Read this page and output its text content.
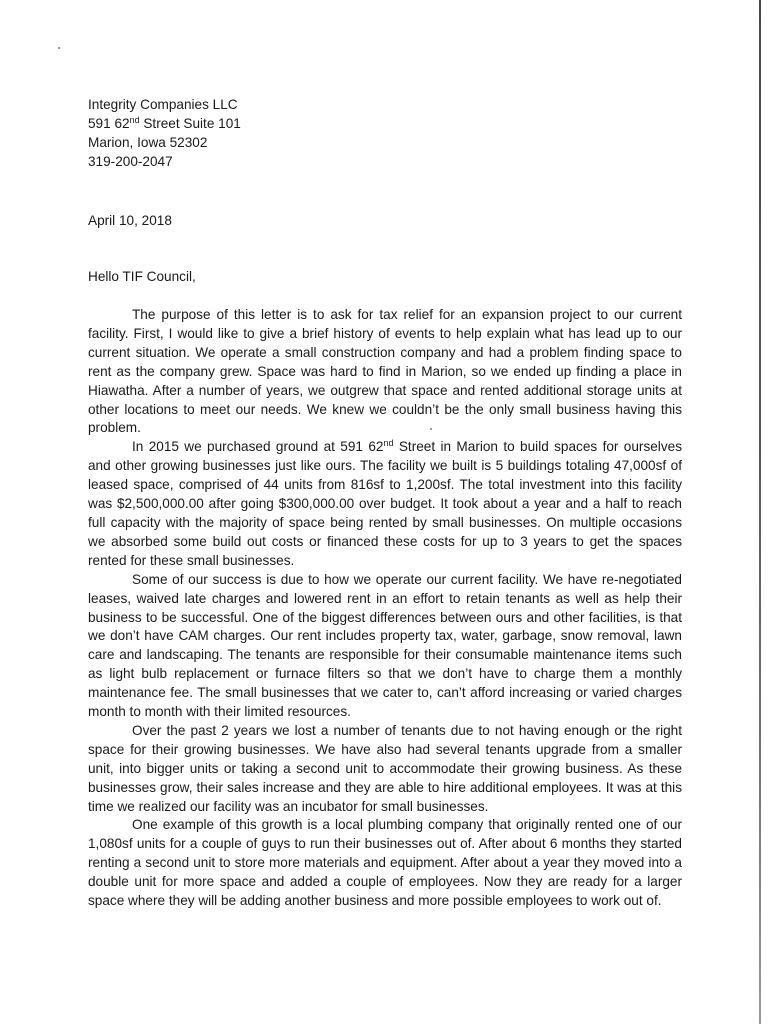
Integrity Companies LLC
591 62nd Street Suite 101
Marion, Iowa 52302
319-200-2047

April 10, 2018

Hello TIF Council,

The purpose of this letter is to ask for tax relief for an expansion project to our current facility. First, I would like to give a brief history of events to help explain what has lead up to our current situation. We operate a small construction company and had a problem finding space to rent as the company grew. Space was hard to find in Marion, so we ended up finding a place in Hiawatha. After a number of years, we outgrew that space and rented additional storage units at other locations to meet our needs. We knew we couldn’t be the only small business having this problem.

In 2015 we purchased ground at 591 62nd Street in Marion to build spaces for ourselves and other growing businesses just like ours. The facility we built is 5 buildings totaling 47,000sf of leased space, comprised of 44 units from 816sf to 1,200sf. The total investment into this facility was $2,500,000.00 after going $300,000.00 over budget. It took about a year and a half to reach full capacity with the majority of space being rented by small businesses. On multiple occasions we absorbed some build out costs or financed these costs for up to 3 years to get the spaces rented for these small businesses.

Some of our success is due to how we operate our current facility. We have re-negotiated leases, waived late charges and lowered rent in an effort to retain tenants as well as help their business to be successful. One of the biggest differences between ours and other facilities, is that we don’t have CAM charges. Our rent includes property tax, water, garbage, snow removal, lawn care and landscaping. The tenants are responsible for their consumable maintenance items such as light bulb replacement or furnace filters so that we don’t have to charge them a monthly maintenance fee. The small businesses that we cater to, can’t afford increasing or varied charges month to month with their limited resources.

Over the past 2 years we lost a number of tenants due to not having enough or the right space for their growing businesses. We have also had several tenants upgrade from a smaller unit, into bigger units or taking a second unit to accommodate their growing business. As these businesses grow, their sales increase and they are able to hire additional employees. It was at this time we realized our facility was an incubator for small businesses.

One example of this growth is a local plumbing company that originally rented one of our 1,080sf units for a couple of guys to run their businesses out of. After about 6 months they started renting a second unit to store more materials and equipment. After about a year they moved into a double unit for more space and added a couple of employees. Now they are ready for a larger space where they will be adding another business and more possible employees to work out of.
